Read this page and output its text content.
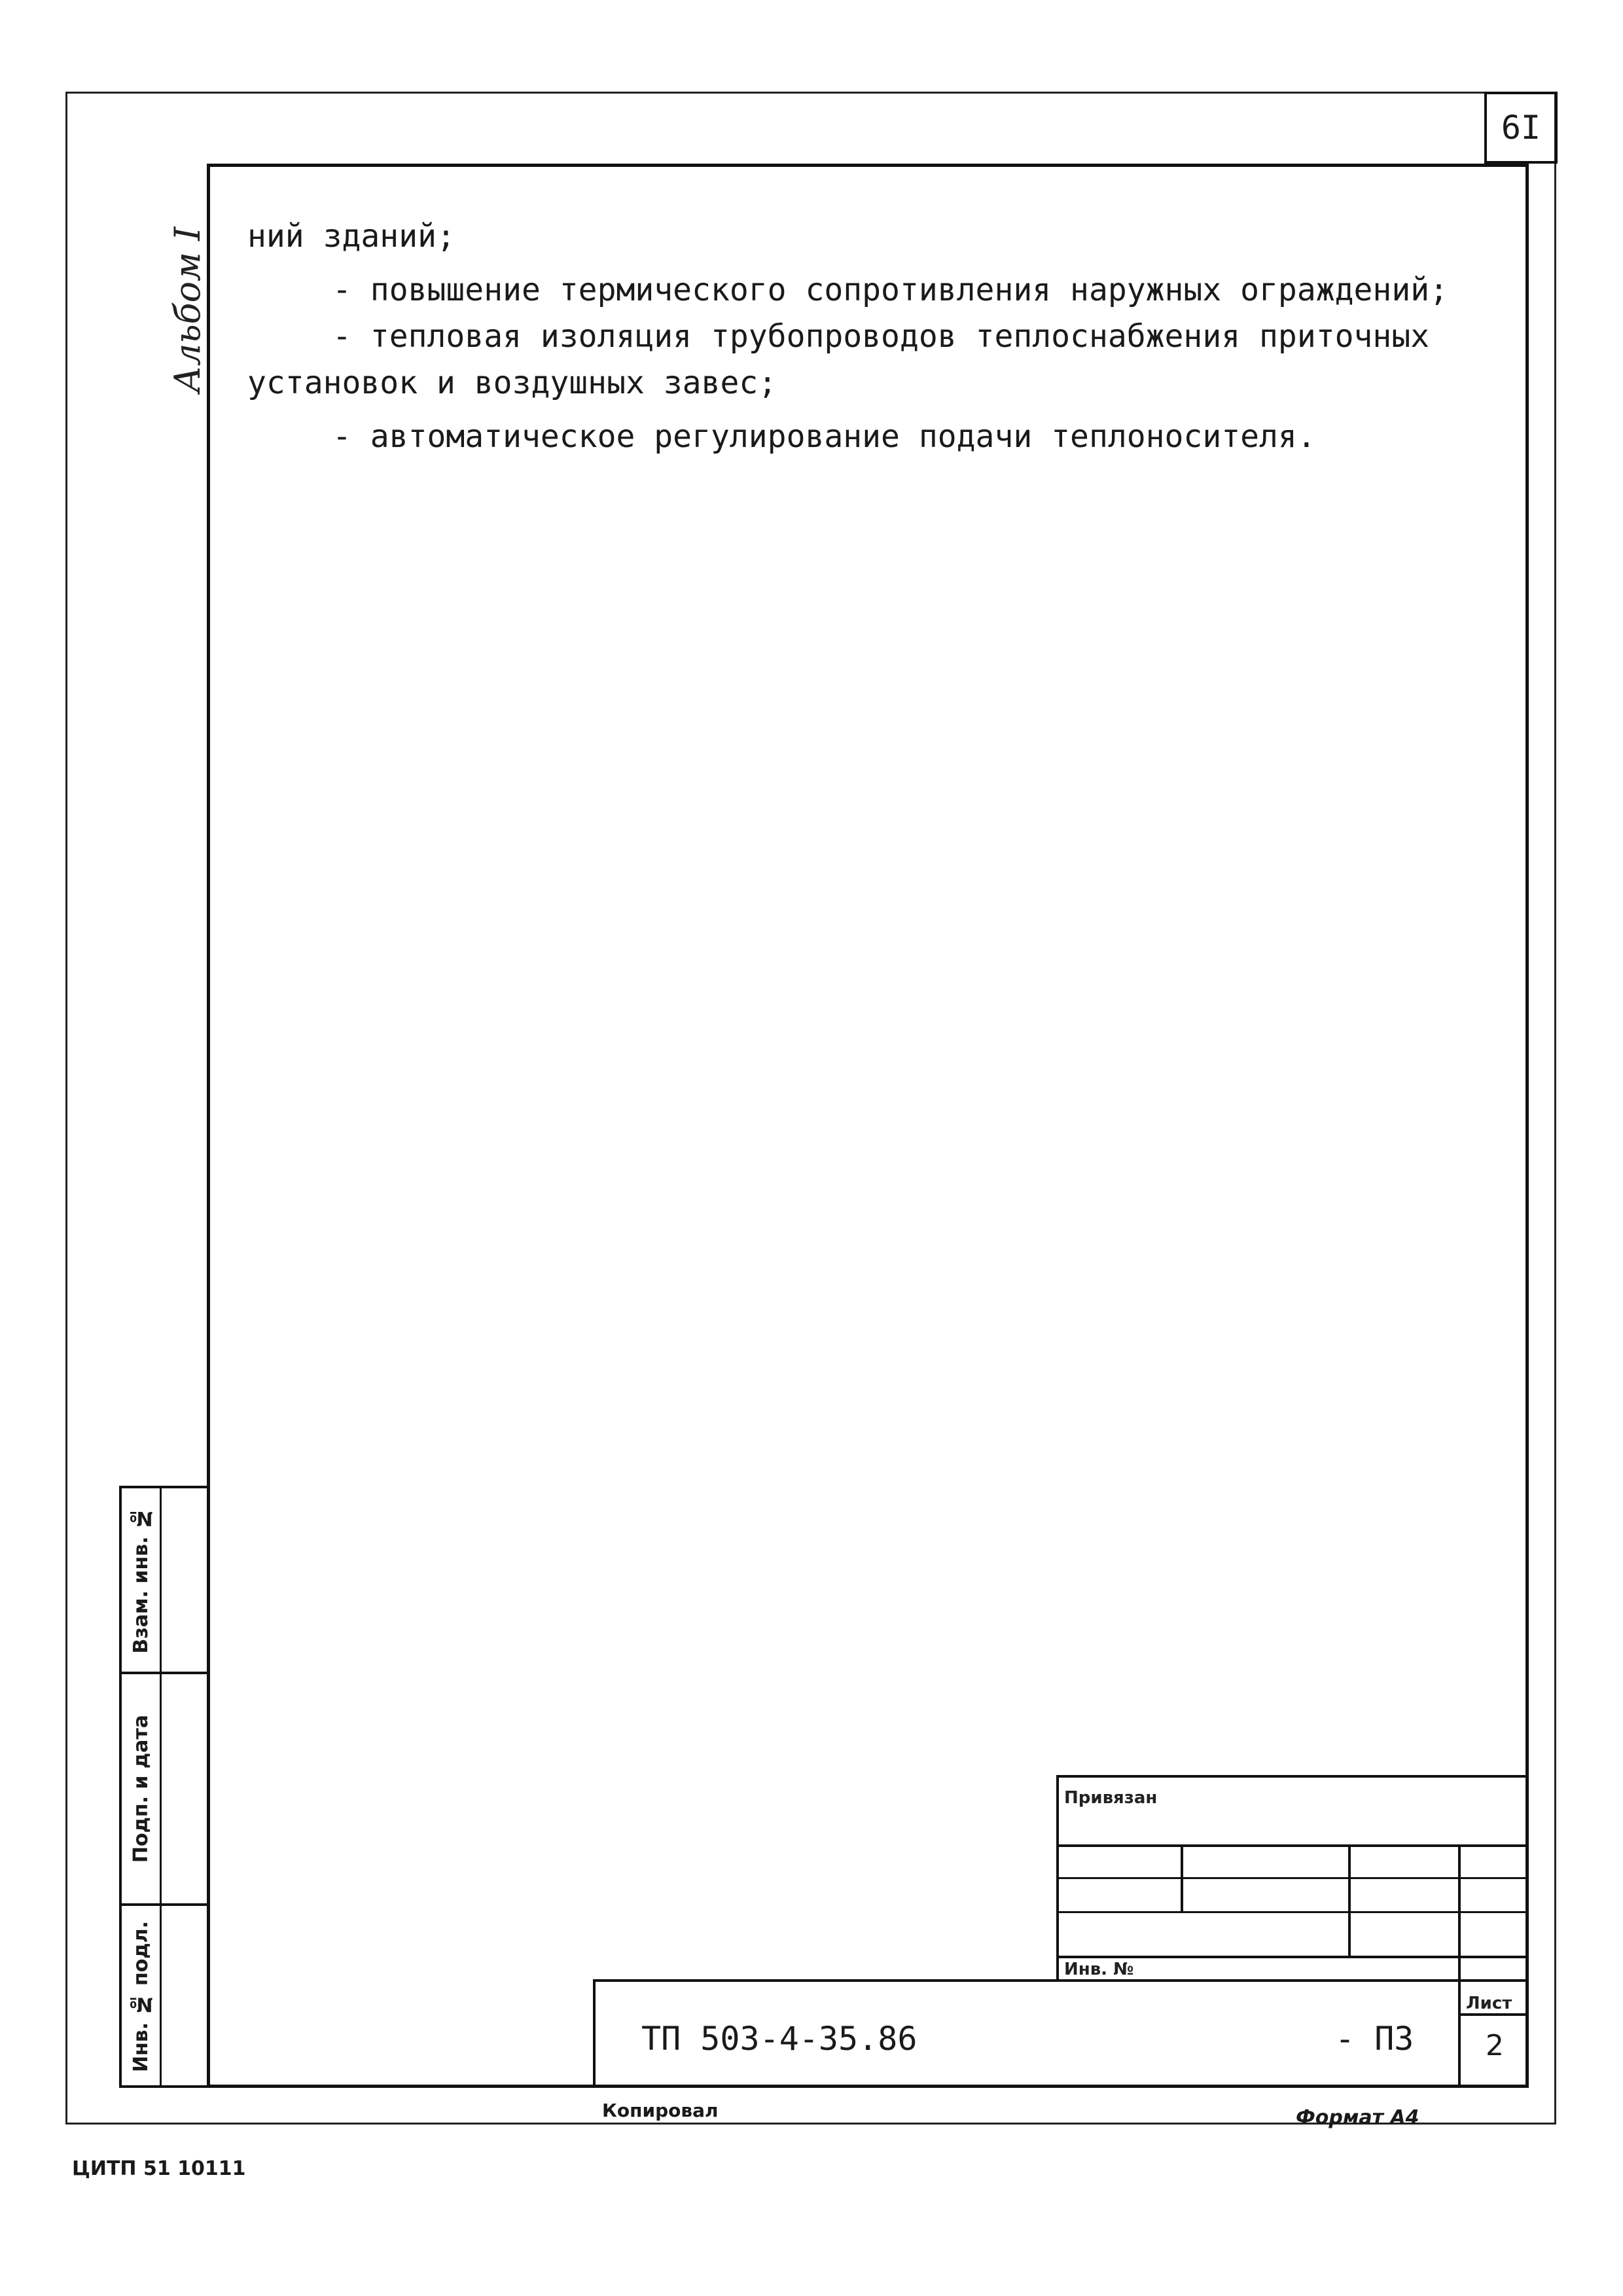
6I
Альбом I	ний зданий;
- повышение термического сопротивления наружных ограждений;
- тепловая изоляция трубопроводов теплоснабжения приточных
установок и воздушных завес;
- автоматическое регулирование подачи теплоносителя.
Взам. инв. №
Подп. и дата
Инв. № подл.
Привязан
Инв. №
Лист
ТП 503-4-35.86	- ПЗ	2
Копировал	Формат А4
ЦИТП 51 10111
